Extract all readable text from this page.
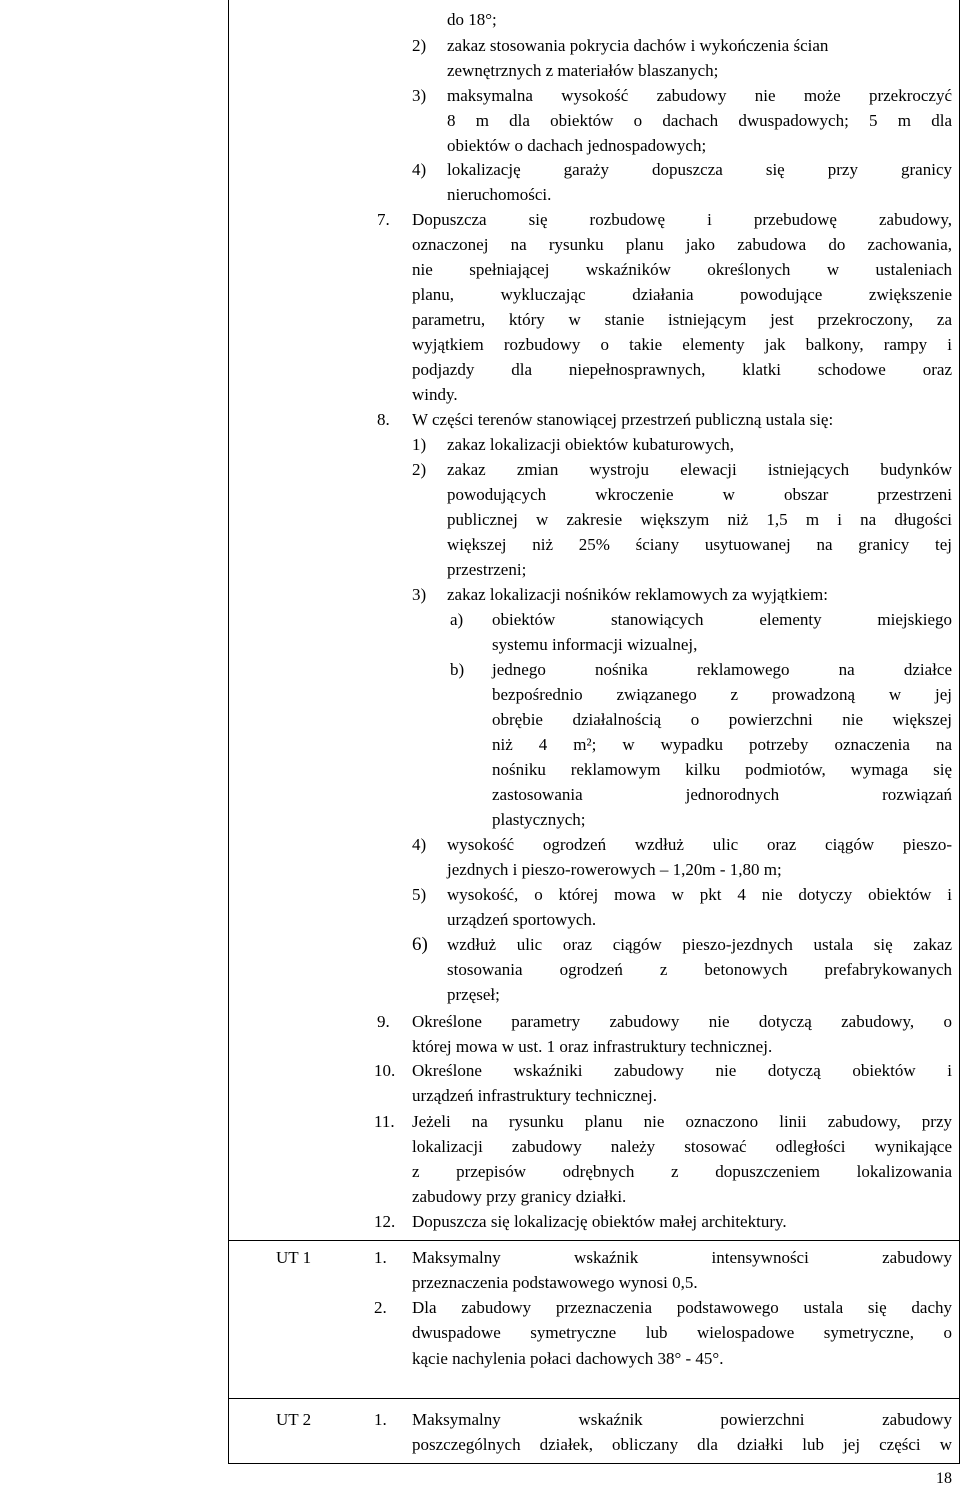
do 18°;
2) zakaz stosowania pokrycia dachów i wykończenia ścian
zewnętrznych z materiałów blaszanych;
3) maksymalna wysokość zabudowy nie może przekroczyć
8 m dla obiektów o dachach dwuspadowych; 5 m dla
obiektów o dachach jednospadowych;
4) lokalizację garaży dopuszcza się przy granicy
nieruchomości.
7. Dopuszcza się rozbudowę i przebudowę zabudowy,
oznaczonej na rysunku planu jako zabudowa do zachowania,
nie spełniającej wskaźników określonych w ustaleniach
planu, wykluczając działania powodujące zwiększenie
parametru, który w stanie istniejącym jest przekroczony, za
wyjątkiem rozbudowy o takie elementy jak balkony, rampy i
podjazdy dla niepełnosprawnych, klatki schodowe oraz
windy.
8. W części terenów stanowiącej przestrzeń publiczną ustala się:
1) zakaz lokalizacji obiektów kubaturowych,
2) zakaz zmian wystroju elewacji istniejących budynków
powodujących wkroczenie w obszar przestrzeni
publicznej w zakresie większym niż 1,5 m i na długości
większej niż 25% ściany usytuowanej na granicy tej
przestrzeni;
3) zakaz lokalizacji nośników reklamowych za wyjątkiem:
a) obiektów stanowiących elementy miejskiego
systemu informacji wizualnej,
b) jednego nośnika reklamowego na działce
bezpośrednio związanego z prowadzoną w jej
obrębie działalnością o powierzchni nie większej
niż 4 m²; w wypadku potrzeby oznaczenia na
nośniku reklamowym kilku podmiotów, wymaga się
zastosowania jednorodnych rozwiązań
plastycznych;
4) wysokość ogrodzeń wzdłuż ulic oraz ciągów pieszo-
jezdnych i pieszo-rowerowych – 1,20m - 1,80 m;
5) wysokość, o której mowa w pkt 4 nie dotyczy obiektów i
urządzeń sportowych.
6) wzdłuż ulic oraz ciągów pieszo-jezdnych ustala się zakaz
stosowania ogrodzeń z betonowych prefabrykowanych
przęseł;
9. Określone parametry zabudowy nie dotyczą zabudowy, o
której mowa w ust. 1 oraz infrastruktury technicznej.
10. Określone wskaźniki zabudowy nie dotyczą obiektów i
urządzeń infrastruktury technicznej.
11. Jeżeli na rysunku planu nie oznaczono linii zabudowy, przy
lokalizacji zabudowy należy stosować odległości wynikające
z przepisów odrębnych z dopuszczeniem lokalizowania
zabudowy przy granicy działki.
12. Dopuszcza się lokalizację obiektów małej architektury.
UT 1	1. Maksymalny wskaźnik intensywności zabudowy
przeznaczenia podstawowego wynosi 0,5.
2. Dla zabudowy przeznaczenia podstawowego ustala się dachy
dwuspadowe symetryczne lub wielospadowe symetryczne, o
kącie nachylenia połaci dachowych 38° - 45°.
UT 2	1. Maksymalny wskaźnik powierzchni zabudowy
poszczególnych działek, obliczany dla działki lub jej części w
18
